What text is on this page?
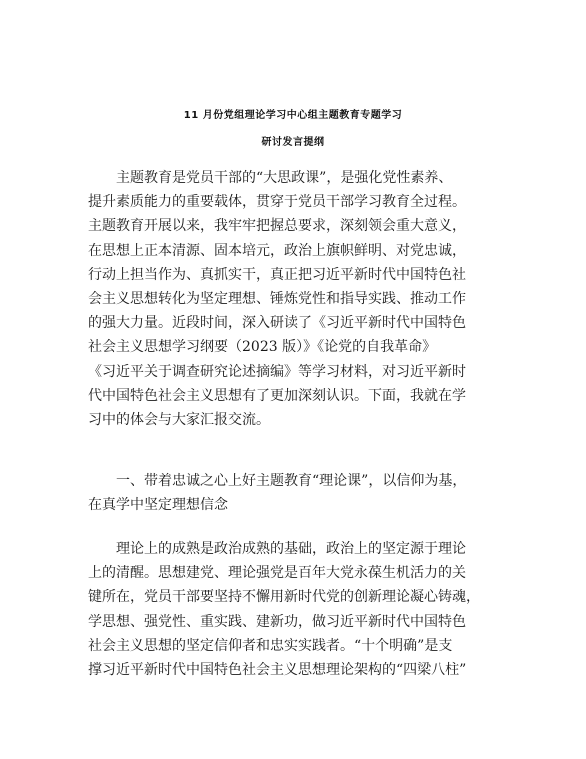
11 月份党组理论学习中心组主题教育专题学习
研讨发言提纲

　　主题教育是党员干部的“大思政课”，是强化党性素养、
提升素质能力的重要载体，贯穿于党员干部学习教育全过程。
主题教育开展以来，我牢牢把握总要求，深刻领会重大意义，
在思想上正本清源、固本培元，政治上旗帜鲜明、对党忠诚，
行动上担当作为、真抓实干，真正把习近平新时代中国特色社
会主义思想转化为坚定理想、锤炼党性和指导实践、推动工作
的强大力量。近段时间，深入研读了《习近平新时代中国特色
社会主义思想学习纲要（2023 版）》《论党的自我革命》
《习近平关于调查研究论述摘编》等学习材料，对习近平新时
代中国特色社会主义思想有了更加深刻认识。下面，我就在学
习中的体会与大家汇报交流。

　　一、带着忠诚之心上好主题教育“理论课”，以信仰为基，
在真学中坚定理想信念

　　理论上的成熟是政治成熟的基础，政治上的坚定源于理论
上的清醒。思想建党、理论强党是百年大党永葆生机活力的关
键所在，党员干部要坚持不懈用新时代党的创新理论凝心铸魂，
学思想、强党性、重实践、建新功，做习近平新时代中国特色
社会主义思想的坚定信仰者和忠实实践者。“十个明确”是支
撑习近平新时代中国特色社会主义思想理论架构的“四梁八柱”
